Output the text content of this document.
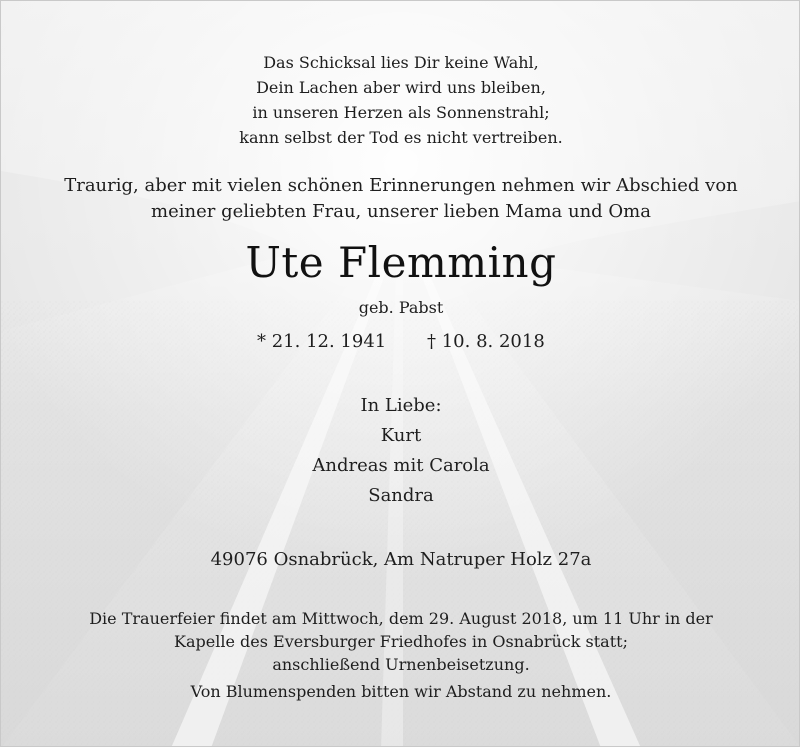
Das Schicksal lies Dir keine Wahl,
Dein Lachen aber wird uns bleiben,
in unseren Herzen als Sonnenstrahl;
kann selbst der Tod es nicht vertreiben.
Traurig, aber mit vielen schönen Erinnerungen nehmen wir Abschied von
meiner geliebten Frau, unserer lieben Mama und Oma
Ute Flemming
geb. Pabst
* 21. 12. 1941 † 10. 8. 2018
In Liebe:
Kurt
Andreas mit Carola
Sandra
49076 Osnabrück, Am Natruper Holz 27a
Die Trauerfeier findet am Mittwoch, dem 29. August 2018, um 11 Uhr in der
Kapelle des Eversburger Friedhofes in Osnabrück statt;
anschließend Urnenbeisetzung.
Von Blumenspenden bitten wir Abstand zu nehmen.
